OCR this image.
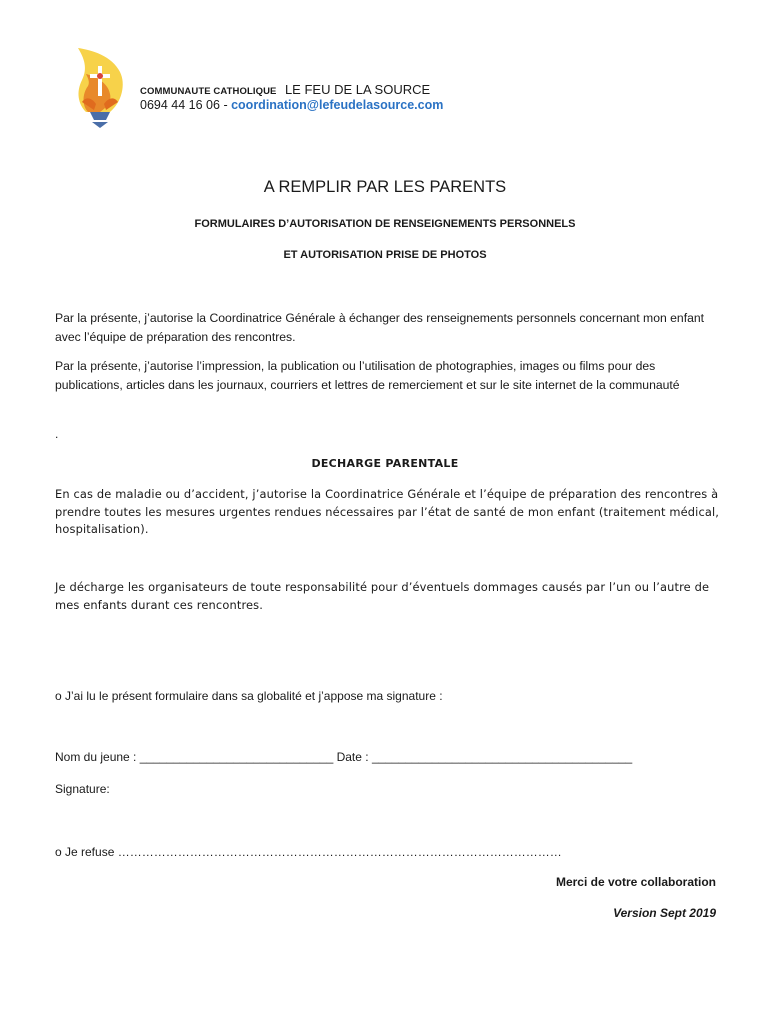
COMMUNAUTE CATHOLIQUE LE FEU DE LA SOURCE
0694 44 16 06 - coordination@lefeudelasource.com
A REMPLIR PAR LES PARENTS
FORMULAIRES D’AUTORISATION DE RENSEIGNEMENTS PERSONNELS
ET AUTORISATION PRISE DE PHOTOS
Par la présente, j’autorise la Coordinatrice Générale à échanger des renseignements personnels concernant mon enfant avec l’équipe de préparation des rencontres.
Par la présente, j’autorise l’impression, la publication ou l’utilisation de photographies, images ou films pour des publications, articles dans les journaux, courriers et lettres de remerciement et sur le site internet de la communauté
.
DECHARGE PARENTALE
En cas de maladie ou d’accident, j’autorise la Coordinatrice Générale et l’équipe de préparation des rencontres à prendre toutes les mesures urgentes rendues nécessaires par l’état de santé de mon enfant (traitement médical, hospitalisation).
Je décharge les organisateurs de toute responsabilité pour d’éventuels dommages causés par l’un ou l’autre de mes enfants durant ces rencontres.
o J’ai lu le présent formulaire dans sa globalité et j’appose ma signature :
Nom du jeune : _____________________________ Date : _______________________________________
Signature:
o Je refuse …………………………………………………………………………………………………
Merci de votre collaboration
Version Sept 2019
